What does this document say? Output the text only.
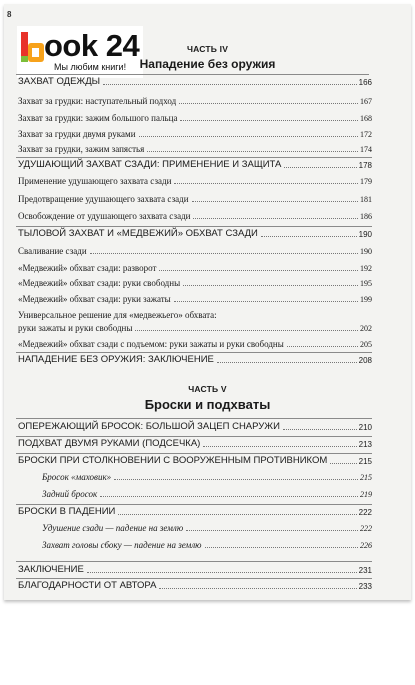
8
ook 24
Мы любим книги!
ЧАСТЬ IV
Нападение без оружия
ЗАХВАТ ОДЕЖДЫ	166
Захват за грудки: наступательный подход	167
Захват за грудки: зажим большого пальца	168
Захват за грудки двумя руками	172
Захват за грудки, зажим запястья	174
УДУШАЮЩИЙ ЗАХВАТ СЗАДИ: ПРИМЕНЕНИЕ И ЗАЩИТА	178
Применение удушающего захвата сзади	179
Предотвращение удушающего захвата сзади	181
Освобождение от удушающего захвата сзади	186
ТЫЛОВОЙ ЗАХВАТ И «МЕДВЕЖИЙ» ОБХВАТ СЗАДИ	190
Сваливание сзади	190
«Медвежий» обхват сзади: разворот	192
«Медвежий» обхват сзади: руки свободны	195
«Медвежий» обхват сзади: руки зажаты	199
Универсальное решение для «медвежьего» обхвата:
руки зажаты и руки свободны	202
«Медвежий» обхват сзади с подъемом: руки зажаты и руки свободны	205
НАПАДЕНИЕ БЕЗ ОРУЖИЯ: ЗАКЛЮЧЕНИЕ	208
ЧАСТЬ V
Броски и подхваты
ОПЕРЕЖАЮЩИЙ БРОСОК: БОЛЬШОЙ ЗАЦЕП СНАРУЖИ	210
ПОДХВАТ ДВУМЯ РУКАМИ (ПОДСЕЧКА)	213
БРОСКИ ПРИ СТОЛКНОВЕНИИ С ВООРУЖЕННЫМ ПРОТИВНИКОМ	215
Бросок «маховик»	215
Задний бросок	219
БРОСКИ В ПАДЕНИИ	222
Удушение сзади — падение на землю	222
Захват головы сбоку — падение на землю	226
ЗАКЛЮЧЕНИЕ	231
БЛАГОДАРНОСТИ ОТ АВТОРА	233
